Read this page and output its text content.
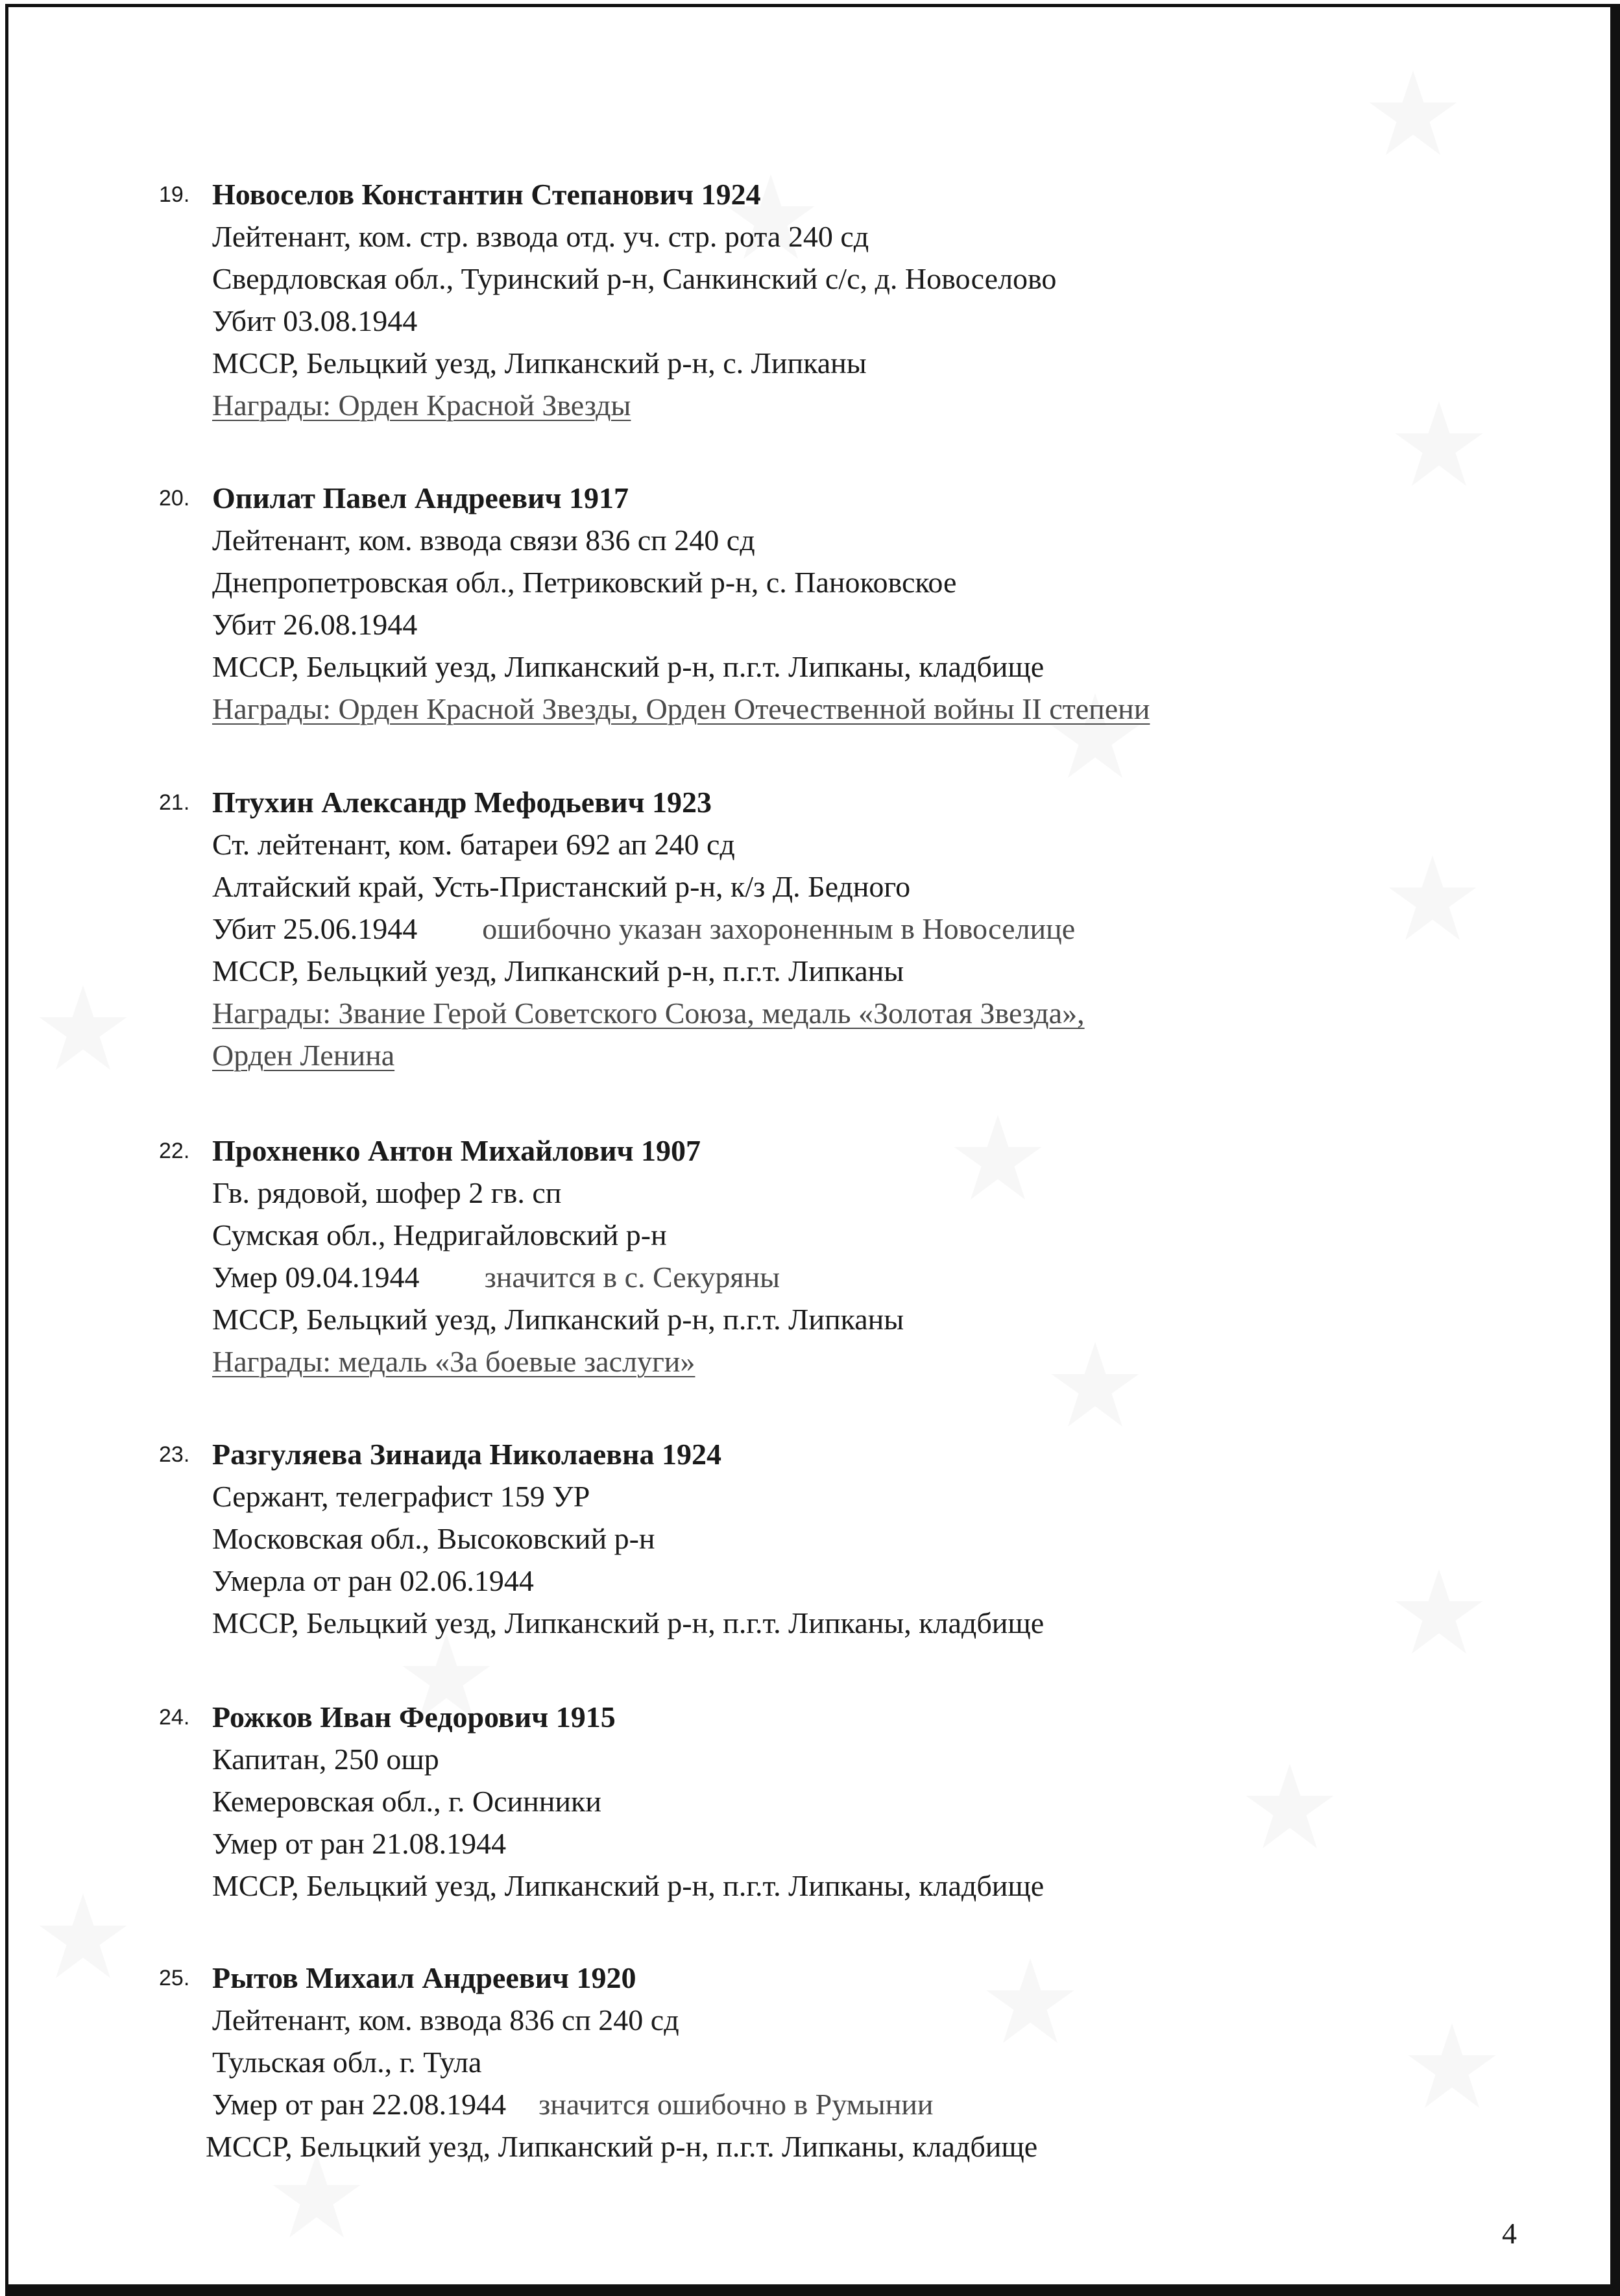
19. Новоселов Константин Степанович 1924
Лейтенант, ком. стр. взвода отд. уч. стр. рота 240 сд
Свердловская обл., Туринский р-н, Санкинский с/с, д. Новоселово
Убит 03.08.1944
МССР, Бельцкий уезд, Липканский р-н, с. Липканы
Награды: Орден Красной Звезды
20. Опилат Павел Андреевич 1917
Лейтенант, ком. взвода связи 836 сп 240 сд
Днепропетровская обл., Петриковский р-н, с. Паноковское
Убит 26.08.1944
МССР, Бельцкий уезд, Липканский р-н, п.г.т. Липканы, кладбище
Награды: Орден Красной Звезды, Орден Отечественной войны II степени
21. Птухин Александр Мефодьевич 1923
Ст. лейтенант, ком. батареи 692 ап 240 сд
Алтайский край, Усть-Пристанский р-н, к/з Д. Бедного
Убит 25.06.1944 ошибочно указан захороненным в Новоселице
МССР, Бельцкий уезд, Липканский р-н, п.г.т. Липканы
Награды: Звание Герой Советского Союза, медаль «Золотая Звезда»,
Орден Ленина
22. Прохненко Антон Михайлович 1907
Гв. рядовой, шофер 2 гв. сп
Сумская обл., Недригайловский р-н
Умер 09.04.1944 значится в с. Секуряны
МССР, Бельцкий уезд, Липканский р-н, п.г.т. Липканы
Награды: медаль «За боевые заслуги»
23. Разгуляева Зинаида Николаевна 1924
Сержант, телеграфист 159 УР
Московская обл., Высоковский р-н
Умерла от ран 02.06.1944
МССР, Бельцкий уезд, Липканский р-н, п.г.т. Липканы, кладбище
24. Рожков Иван Федорович 1915
Капитан, 250 ошр
Кемеровская обл., г. Осинники
Умер от ран 21.08.1944
МССР, Бельцкий уезд, Липканский р-н, п.г.т. Липканы, кладбище
25. Рытов Михаил Андреевич 1920
Лейтенант, ком. взвода 836 сп 240 сд
Тульская обл., г. Тула
Умер от ран 22.08.1944 значится ошибочно в Румынии
МССР, Бельцкий уезд, Липканский р-н, п.г.т. Липканы, кладбище
4
